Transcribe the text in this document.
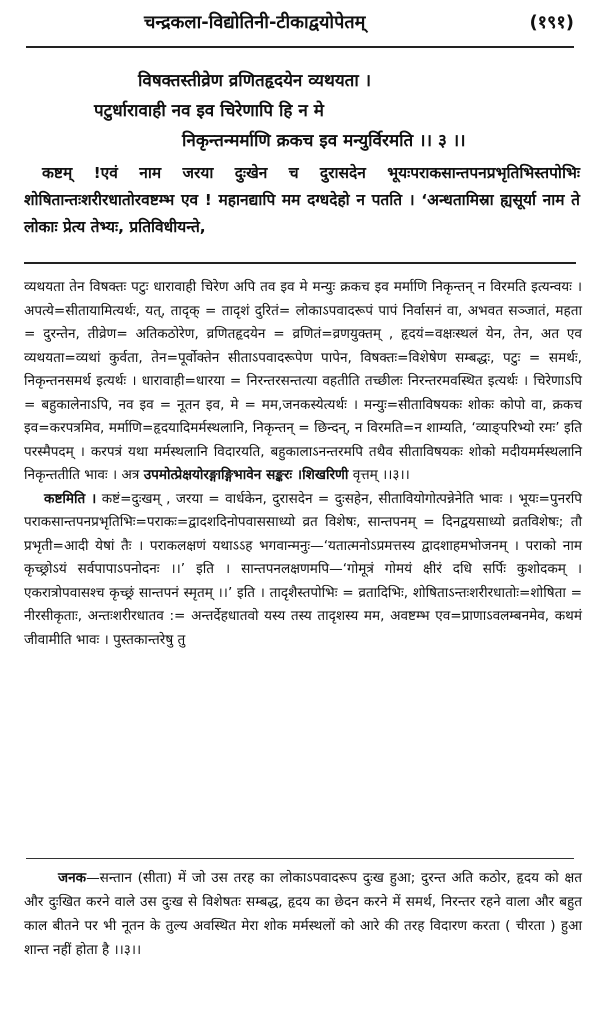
चन्द्रकला-विद्योतिनी-टीकाद्वयोपेतम्	(१९१)
विषक्तस्तीव्रेण व्रणितहृदयेन व्यथयता ।
पटुर्धारावाही नव इव चिरेणापि हि न मे
निकृन्तन्मर्माणि क्रकच इव मन्युर्विरमति ।। ३ ।।

कष्टम् !एवं नाम जरया दुःखेन च दुरासदेन भूयःपराकसान्तपनप्रभृतिभिस्तपोभिः शोषितान्तःशरीरधातोरवष्टम्भ एव ! महानद्यापि मम दग्धदेहो न पतति । ‘अन्धतामिस्रा ह्यसूर्या नाम ते लोकाः प्रेत्य तेभ्यः, प्रतिविधीयन्ते,

व्यथयता तेन विषक्तः पटुः धारावाही चिरेण अपि तव इव मे मन्युः क्रकच इव मर्माणि निकृन्तन् न विरमति इत्यन्वयः । अपत्ये=सीतायामित्यर्थः, यत्, तादृक् = तादृशं दुरितं= लोकाऽपवादरूपं पापं निर्वासनं वा, अभवत सञ्जातं, महता = दुरन्तेन, तीव्रेण= अतिकठोरेण, व्रणितहृदयेन = व्रणितं=व्रणयुक्तम् , हृदयं=वक्षःस्थलं येन, तेन, अत एव व्यथयता=व्यथां कुर्वता, तेन=पूर्वोक्तेन सीताऽपवादरूपेण पापेन, विषक्तः=विशेषेण सम्बद्धः, पटुः = समर्थः, निकृन्तनसमर्थ इत्यर्थः । धारावाही=धारया = निरन्तरसन्तत्या वहतीति तच्छीलः निरन्तरमवस्थित इत्यर्थः । चिरेणाऽपि = बहुकालेनाऽपि, नव इव = नूतन इव, मे = मम,जनकस्येत्यर्थः । मन्युः=सीताविषयकः शोकः कोपो वा, क्रकच इव=करपत्रमिव, मर्माणि=हृदयादिमर्मस्थलानि, निकृन्तन् = छिन्दन्, न विरमति=न शाम्यति, ‘व्याङ्परिभ्यो रमः’ इति परस्मैपदम् । करपत्रं यथा मर्मस्थलानि विदारयति, बहुकालाऽनन्तरमपि तथैव सीताविषयकः शोको मदीयमर्मस्थलानि निकृन्ततीति भावः । अत्र उपमोत्प्रेक्षयोरङ्गाङ्गिभावेन सङ्करः ।शिखरिणी वृत्तम् ।।३।।

कष्टमिति । कष्टं=दुःखम् , जरया = वार्धकेन, दुरासदेन = दुःसहेन, सीतावियोगोत्पन्नेनेति भावः । भूयः=पुनरपि पराकसान्तपनप्रभृतिभिः=पराकः=द्वादशदिनोपवाससाध्यो व्रत विशेषः, सान्तपनम् = दिनद्वयसाध्यो व्रतविशेषः; तौ प्रभृती=आदी येषां तैः । पराकलक्षणं यथाऽऽह भगवान्मनुः—‘यतात्मनोऽप्रमत्तस्य द्वादशाहमभोजनम् । पराको नाम कृच्छ्रोऽयं सर्वपापाऽपनोदनः ।।’ इति । सान्तपनलक्षणमपि—‘गोमूत्रं गोमयं क्षीरं दधि सर्पिः कुशोदकम् । एकरात्रोपवासश्च कृच्छ्रं सान्तपनं स्मृतम् ।।’ इति । तादृशैस्तपोभिः = व्रतादिभिः, शोषिताऽन्तःशरीरधातोः=शोषिता = नीरसीकृताः, अन्तःशरीरधातव := अन्तर्देहधातवो यस्य तस्य तादृशस्य मम, अवष्टम्भ एव=प्राणाऽवलम्बनमेव, कथमं जीवामीति भावः । पुस्तकान्तरेषु तु

जनक—सन्तान (सीता) में जो उस तरह का लोकाऽपवादरूप दुःख हुआ; दुरन्त अति कठोर, हृदय को क्षत और दुःखित करने वाले उस दुःख से विशेषतः सम्बद्ध, हृदय का छेदन करने में समर्थ, निरन्तर रहने वाला और बहुत काल बीतने पर भी नूतन के तुल्य अवस्थित मेरा शोक मर्मस्थलों को आरे की तरह विदारण करता ( चीरता ) हुआ शान्त नहीं होता है ।।३।।
